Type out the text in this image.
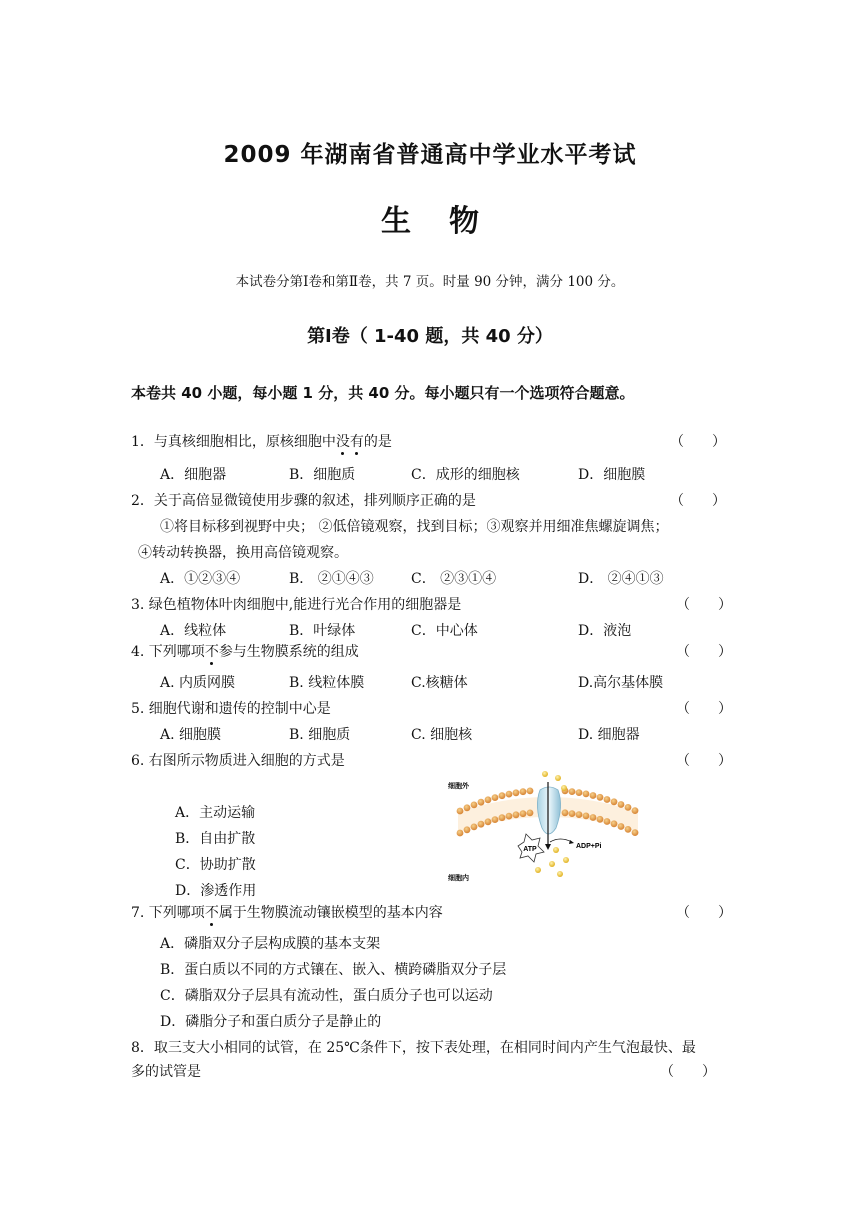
2009 年湖南省普通高中学业水平考试
生物
本试卷分第Ⅰ卷和第Ⅱ卷，共 7 页。时量 90 分钟，满分 100 分。
第Ⅰ卷（ 1-40 题，共 40 分）
本卷共 40 小题，每小题 1 分，共 40 分。每小题只有一个选项符合题意。
1．与真核细胞相比，原核细胞中没有的是	（　　）
A．细胞器	B．细胞质	C．成形的细胞核	D．细胞膜
2．关于高倍显微镜使用步骤的叙述，排列顺序正确的是	（　　）
①将目标移到视野中央； ②低倍镜观察，找到目标；③观察并用细准焦螺旋调焦；
④转动转换器，换用高倍镜观察。
A．①②③④	B． ②①④③	C． ②③①④	D． ②④①③
3. 绿色植物体叶肉细胞中,能进行光合作用的细胞器是	（　　）
A．线粒体	B．叶绿体	C．中心体	D．液泡
4. 下列哪项不参与生物膜系统的组成	（　　）
A. 内质网膜	B. 线粒体膜	C.核糖体	D.高尔基体膜
5. 细胞代谢和遗传的控制中心是	（　　）
A. 细胞膜	B. 细胞质	C. 细胞核	D. 细胞器
6. 右图所示物质进入细胞的方式是	（　　）
A．主动运输
B．自由扩散
C．协助扩散
D．渗透作用
ATP	ADP+Pi
细胞外
细胞内
7. 下列哪项不属于生物膜流动镶嵌模型的基本内容	（　　）
A．磷脂双分子层构成膜的基本支架
B．蛋白质以不同的方式镶在、嵌入、横跨磷脂双分子层
C．磷脂双分子层具有流动性，蛋白质分子也可以运动
D．磷脂分子和蛋白质分子是静止的
8．取三支大小相同的试管，在 25℃条件下，按下表处理，在相同时间内产生气泡最快、最
多的试管是	（　　）
